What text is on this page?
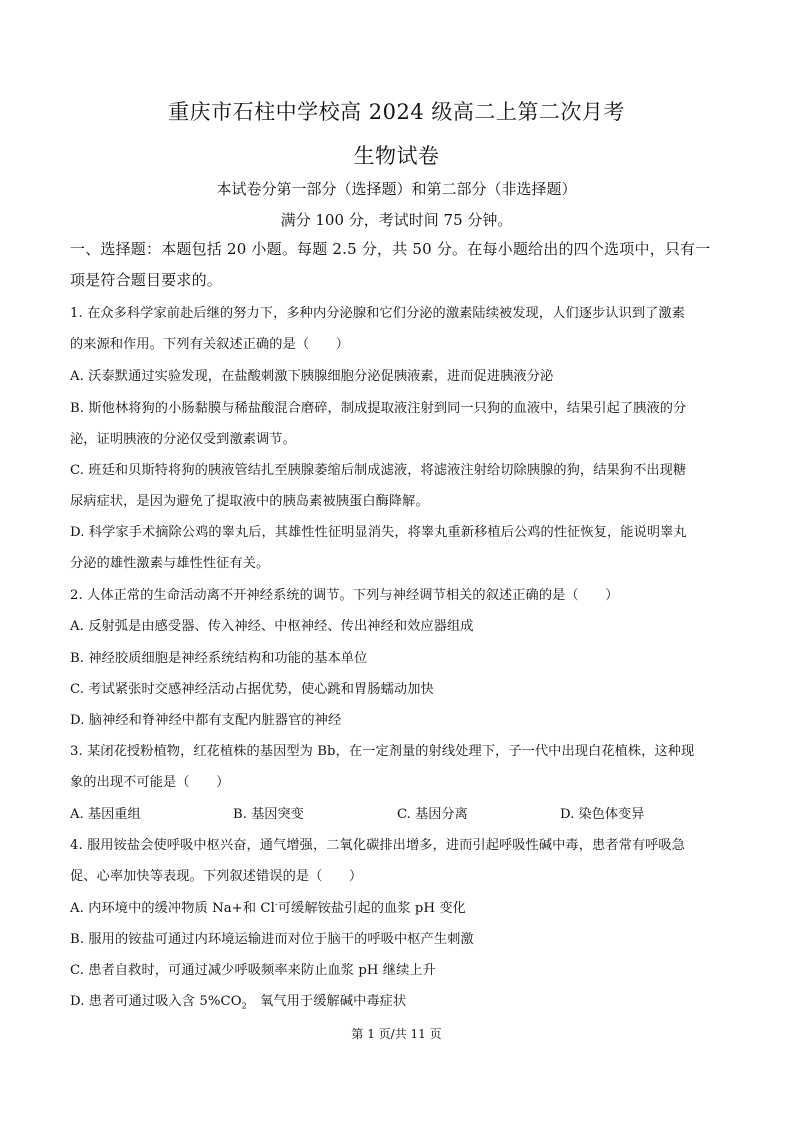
重庆市石柱中学校高 2024 级高二上第二次月考
生物试卷
本试卷分第一部分（选择题）和第二部分（非选择题）
满分 100 分，考试时间 75 分钟。
一、选择题：本题包括 20 小题。每题 2.5 分，共 50 分。在每小题给出的四个选项中，只有一
项是符合题目要求的。
1. 在众多科学家前赴后继的努力下，多种内分泌腺和它们分泌的激素陆续被发现，人们逐步认识到了激素
的来源和作用。下列有关叙述正确的是（　　）
A. 沃泰默通过实验发现，在盐酸刺激下胰腺细胞分泌促胰液素，进而促进胰液分泌
B. 斯他林将狗的小肠黏膜与稀盐酸混合磨碎，制成提取液注射到同一只狗的血液中，结果引起了胰液的分
泌，证明胰液的分泌仅受到激素调节。
C. 班廷和贝斯特将狗的胰液管结扎至胰腺萎缩后制成滤液，将滤液注射给切除胰腺的狗，结果狗不出现糖
尿病症状，是因为避免了提取液中的胰岛素被胰蛋白酶降解。
D. 科学家手术摘除公鸡的睾丸后，其雄性性征明显消失，将睾丸重新移植后公鸡的性征恢复，能说明睾丸
分泌的雄性激素与雄性性征有关。
2. 人体正常的生命活动离不开神经系统的调节。下列与神经调节相关的叙述正确的是（　　）
A. 反射弧是由感受器、传入神经、中枢神经、传出神经和效应器组成
B. 神经胶质细胞是神经系统结构和功能的基本单位
C. 考试紧张时交感神经活动占据优势，使心跳和胃肠蠕动加快
D. 脑神经和脊神经中都有支配内脏器官的神经
3. 某闭花授粉植物，红花植株的基因型为 Bb，在一定剂量的射线处理下，子一代中出现白花植株，这种现
象的出现不可能是（　　）
A. 基因重组	B. 基因突变	C. 基因分离	D. 染色体变异
4. 服用铵盐会使呼吸中枢兴奋，通气增强，二氧化碳排出增多，进而引起呼吸性碱中毒，患者常有呼吸急
促、心率加快等表现。下列叙述错误的是（　　）
A. 内环境中的缓冲物质 Na+和 Cl-可缓解铵盐引起的血浆 pH 变化
B. 服用的铵盐可通过内环境运输进而对位于脑干的呼吸中枢产生刺激
C. 患者自救时，可通过减少呼吸频率来防止血浆 pH 继续上升
D. 患者可通过吸入含 $5\%CO_2$　氧气用于缓解碱中毒症状
第 1 页/共 11 页
